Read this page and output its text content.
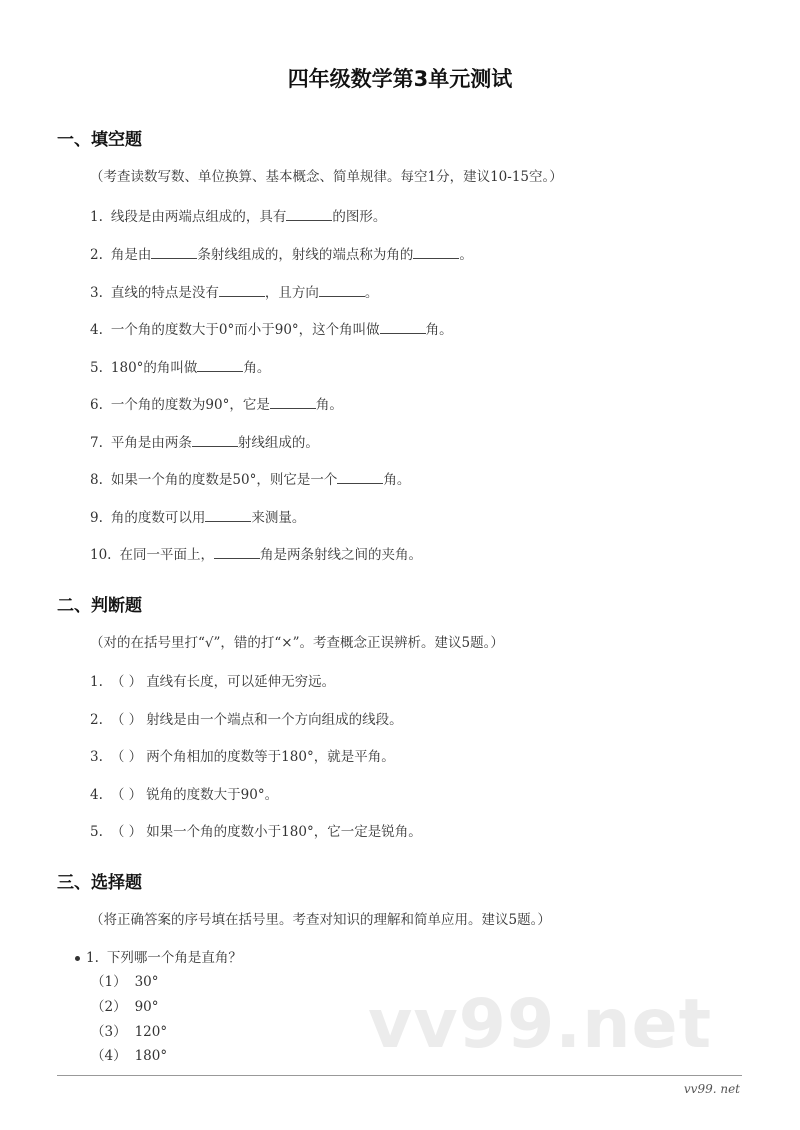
四年级数学第3单元测试
一、填空题
（考查读数写数、单位换算、基本概念、简单规律。每空1分，建议10-15空。）
1. 线段是由两端点组成的，具有	的图形。
2. 角是由	条射线组成的，射线的端点称为角的	。
3. 直线的特点是没有	，且方向	。
4. 一个角的度数大于0°而小于90°，这个角叫做	角。
5. 180°的角叫做	角。
6. 一个角的度数为90°，它是	角。
7. 平角是由两条	射线组成的。
8. 如果一个角的度数是50°，则它是一个	角。
9. 角的度数可以用	来测量。
10. 在同一平面上，	角是两条射线之间的夹角。
二、判断题
（对的在括号里打“√”，错的打“×”。考查概念正误辨析。建议5题。）
1. （ ） 直线有长度，可以延伸无穷远。
2. （ ） 射线是由一个端点和一个方向组成的线段。
3. （ ） 两个角相加的度数等于180°，就是平角。
4. （ ） 锐角的度数大于90°。
5. （ ） 如果一个角的度数小于180°，它一定是锐角。
三、选择题
（将正确答案的序号填在括号里。考查对知识的理解和简单应用。建议5题。）
1. 下列哪一个角是直角？
（1） 30°
（2） 90°
（3） 120°
（4） 180°	vv99.net
vv99. net
